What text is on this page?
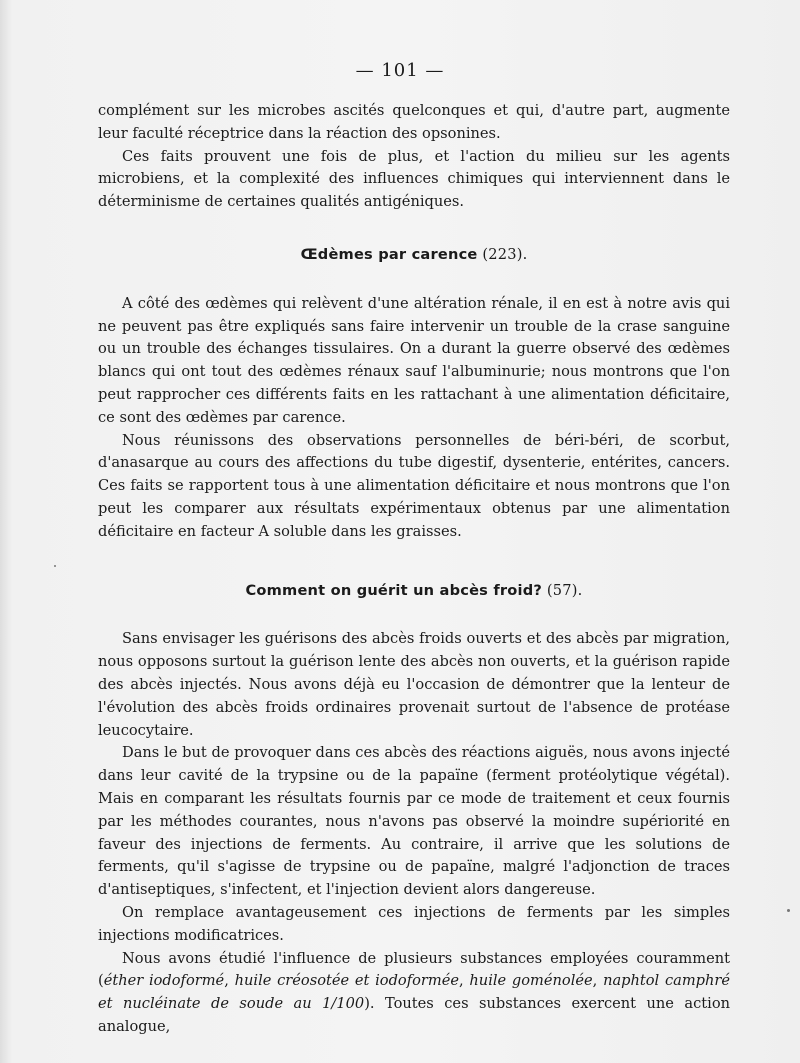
— 101 —

complément sur les microbes ascités quelconques et qui, d'autre part, augmente leur faculté réceptrice dans la réaction des opsonines.

Ces faits prouvent une fois de plus, et l'action du milieu sur les agents microbiens, et la complexité des influences chimiques qui interviennent dans le déterminisme de certaines qualités antigéniques.

Œdèmes par carence (223).

A côté des œdèmes qui relèvent d'une altération rénale, il en est à notre avis qui ne peuvent pas être expliqués sans faire intervenir un trouble de la crase sanguine ou un trouble des échanges tissulaires. On a durant la guerre observé des œdèmes blancs qui ont tout des œdèmes rénaux sauf l'albuminurie; nous montrons que l'on peut rapprocher ces différents faits en les rattachant à une alimentation déficitaire, ce sont des œdèmes par carence.

Nous réunissons des observations personnelles de béri-béri, de scorbut, d'anasarque au cours des affections du tube digestif, dysenterie, entérites, cancers. Ces faits se rapportent tous à une alimentation déficitaire et nous montrons que l'on peut les comparer aux résultats expérimentaux obtenus par une alimentation déficitaire en facteur A soluble dans les graisses.

Comment on guérit un abcès froid? (57).

Sans envisager les guérisons des abcès froids ouverts et des abcès par migration, nous opposons surtout la guérison lente des abcès non ouverts, et la guérison rapide des abcès injectés. Nous avons déjà eu l'occasion de démontrer que la lenteur de l'évolution des abcès froids ordinaires provenait surtout de l'absence de protéase leucocytaire.

Dans le but de provoquer dans ces abcès des réactions aiguës, nous avons injecté dans leur cavité de la trypsine ou de la papaïne (ferment protéolytique végétal). Mais en comparant les résultats fournis par ce mode de traitement et ceux fournis par les méthodes courantes, nous n'avons pas observé la moindre supériorité en faveur des injections de ferments. Au contraire, il arrive que les solutions de ferments, qu'il s'agisse de trypsine ou de papaïne, malgré l'adjonction de traces d'antiseptiques, s'infectent, et l'injection devient alors dangereuse.

On remplace avantageusement ces injections de ferments par les simples injections modificatrices.

Nous avons étudié l'influence de plusieurs substances employées couramment (éther iodoformé, huile créosotée et iodoformée, huile goménolée, naphtol camphré et nucléinate de soude au 1/100). Toutes ces substances exercent une action analogue,
